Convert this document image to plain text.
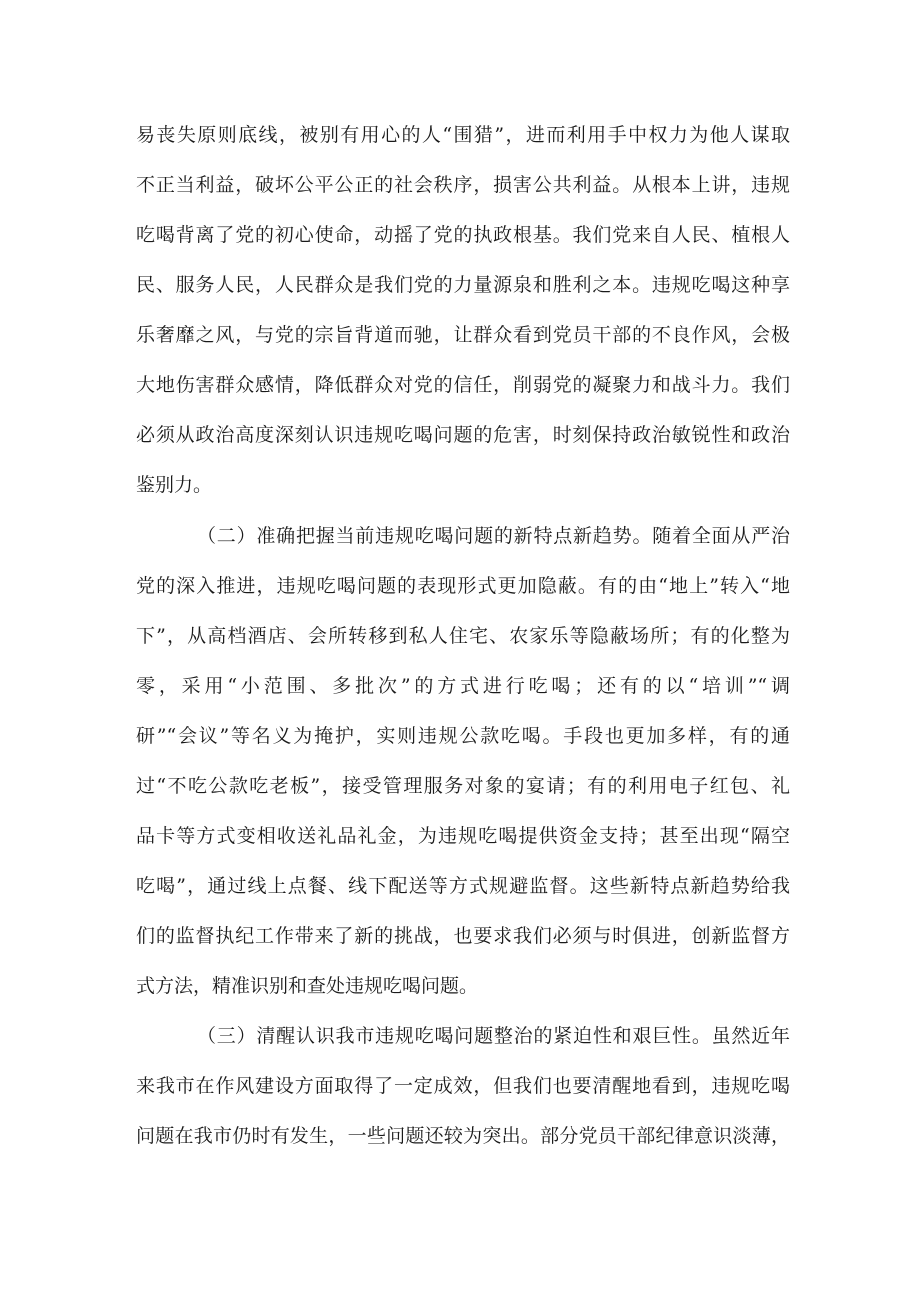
易丧失原则底线，被别有用心的人“围猎”，进而利用手中权力为他人谋取
不正当利益，破坏公平公正的社会秩序，损害公共利益。从根本上讲，违规
吃喝背离了党的初心使命，动摇了党的执政根基。我们党来自人民、植根人
民、服务人民，人民群众是我们党的力量源泉和胜利之本。违规吃喝这种享
乐奢靡之风，与党的宗旨背道而驰，让群众看到党员干部的不良作风，会极
大地伤害群众感情，降低群众对党的信任，削弱党的凝聚力和战斗力。我们
必须从政治高度深刻认识违规吃喝问题的危害，时刻保持政治敏锐性和政治
鉴别力。
（二）准确把握当前违规吃喝问题的新特点新趋势。随着全面从严治
党的深入推进，违规吃喝问题的表现形式更加隐蔽。有的由“地上”转入“地
下”，从高档酒店、会所转移到私人住宅、农家乐等隐蔽场所；有的化整为
零，采用“小范围、多批次”的方式进行吃喝；还有的以“培训”“调
研”“会议”等名义为掩护，实则违规公款吃喝。手段也更加多样，有的通
过“不吃公款吃老板”，接受管理服务对象的宴请；有的利用电子红包、礼
品卡等方式变相收送礼品礼金，为违规吃喝提供资金支持；甚至出现“隔空
吃喝”，通过线上点餐、线下配送等方式规避监督。这些新特点新趋势给我
们的监督执纪工作带来了新的挑战，也要求我们必须与时俱进，创新监督方
式方法，精准识别和查处违规吃喝问题。
（三）清醒认识我市违规吃喝问题整治的紧迫性和艰巨性。虽然近年
来我市在作风建设方面取得了一定成效，但我们也要清醒地看到，违规吃喝
问题在我市仍时有发生，一些问题还较为突出。部分党员干部纪律意识淡薄，
